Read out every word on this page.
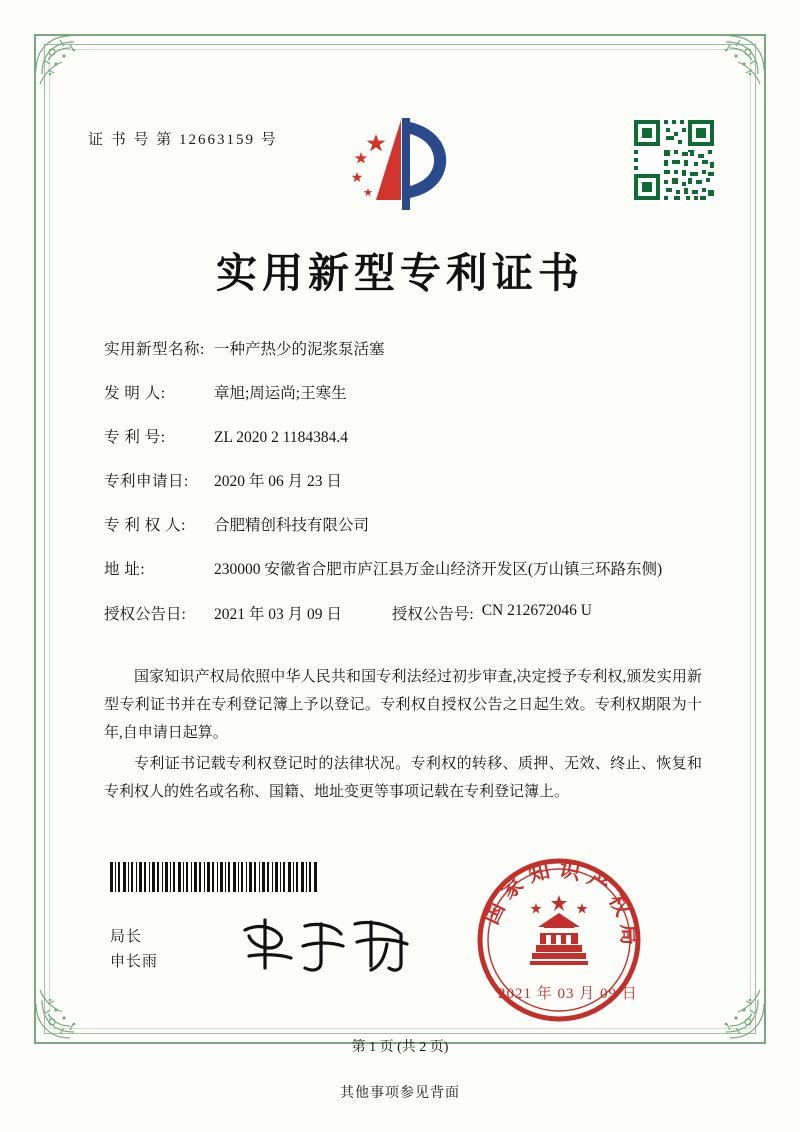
证 书 号 第 12663159 号
实用新型专利证书
实用新型名称: 一种产热少的泥浆泵活塞
发 明 人:	章旭;周运尚;王寒生
专 利 号:	ZL 2020 2 1184384.4
专利申请日:	2020 年 06 月 23 日
专 利 权 人:	合肥精创科技有限公司
地 址:	230000 安徽省合肥市庐江县万金山经济开发区(万山镇三环路东侧)
授权公告日:	2021 年 03 月 09 日	授权公告号: CN 212672046 U

国家知识产权局依照中华人民共和国专利法经过初步审查,决定授予专利权,颁发实用新型专利证书并在专利登记簿上予以登记。专利权自授权公告之日起生效。专利权期限为十年,自申请日起算。

专利证书记载专利权登记时的法律状况。专利权的转移、质押、无效、终止、恢复和专利权人的姓名或名称、国籍、地址变更等事项记载在专利登记簿上。

局长
申长雨
国家知识产权局
2021 年 03 月 09 日
第 1 页 (共 2 页)
其他事项参见背面
